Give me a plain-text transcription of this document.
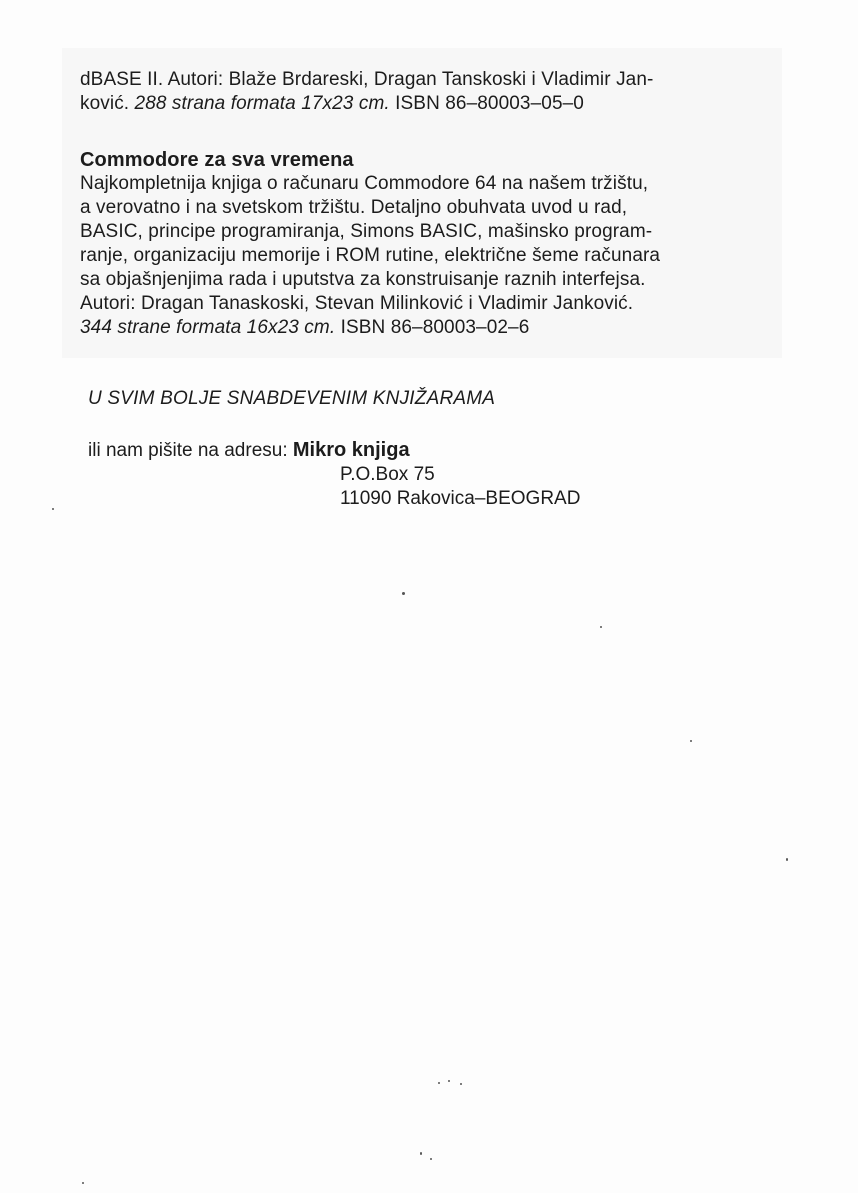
dBASE II. Autori: Blaže Brdareski, Dragan Tanskoski i Vladimir Jan-
ković. 288 strana formata 17x23 cm. ISBN 86–80003–05–0
Commodore za sva vremena
Najkompletnija knjiga o računaru Commodore 64 na našem tržištu,
a verovatno i na svetskom tržištu. Detaljno obuhvata uvod u rad,
BASIC, principe programiranja, Simons BASIC, mašinsko program-
ranje, organizaciju memorije i ROM rutine, električne šeme računara
sa objašnjenjima rada i uputstva za konstruisanje raznih interfejsa.
Autori: Dragan Tanaskoski, Stevan Milinković i Vladimir Janković.
344 strane formata 16x23 cm. ISBN 86–80003–02–6
U SVIM BOLJE SNABDEVENIM KNJIŽARAMA
ili nam pišite na adresu: Mikro knjiga
P.O.Box 75
11090 Rakovica–BEOGRAD
